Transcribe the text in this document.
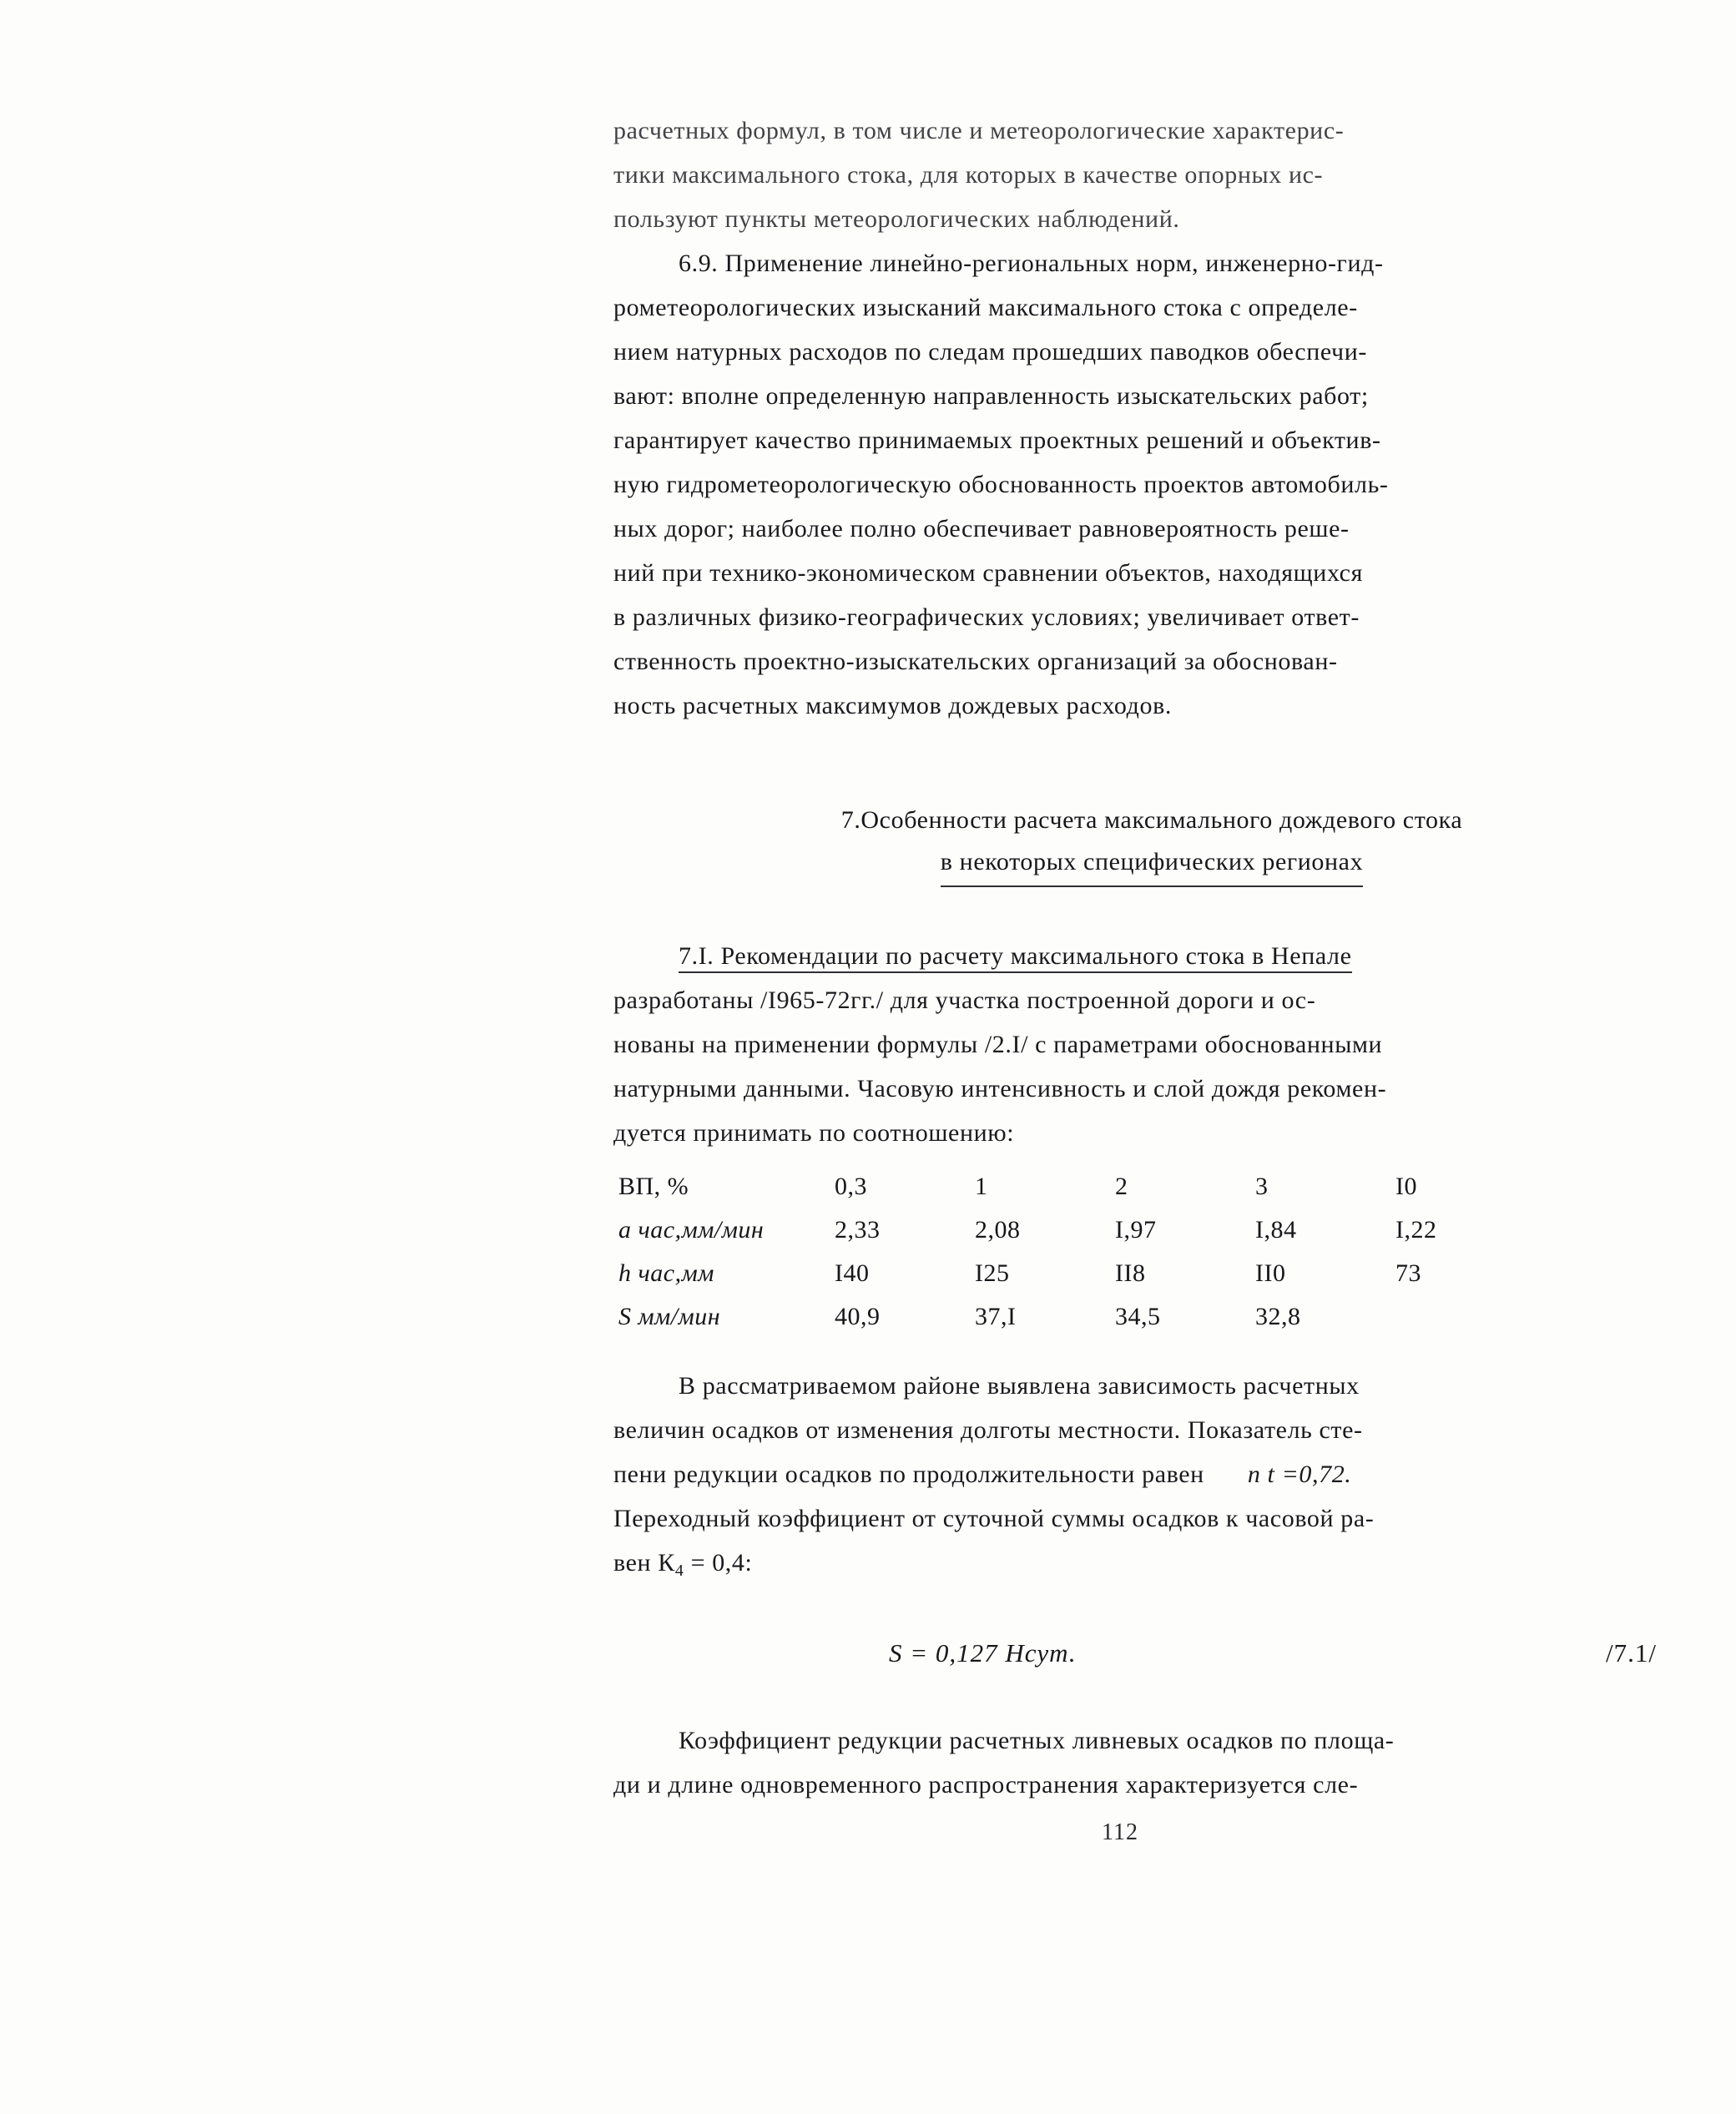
расчетных формул, в том числе и метеорологические характерис-
тики максимального стока, для которых в качестве опорных ис-
пользуют пункты метеорологических наблюдений.
6.9. Применение линейно-региональных норм, инженерно-гид-
рометеорологических изысканий максимального стока с определе-
нием натурных расходов по следам прошедших паводков обеспечи-
вают: вполне определенную направленность изыскательских работ;
гарантирует качество принимаемых проектных решений и объектив-
ную гидрометеорологическую обоснованность проектов автомобиль-
ных дорог; наиболее полно обеспечивает равновероятность реше-
ний при технико-экономическом сравнении объектов, находящихся
в различных физико-географических условиях; увеличивает ответ-
ственность проектно-изыскательских организаций за обоснован-
ность расчетных максимумов дождевых расходов.
7.Особенности расчета максимального дождевого стока
в некоторых специфических регионах
7.I. Рекомендации по расчету максимального стока в Непале
разработаны /I965-72гг./ для участка построенной дороги и ос-
нованы на применении формулы /2.I/ с параметрами обоснованными
натурными данными. Часовую интенсивность и слой дождя рекомен-
дуется принимать по соотношению:
ВП, %	0,3	1	2	3	I0
a час,мм/мин	2,33	2,08	I,97	I,84	I,22
h час,мм	I40	I25	II8	II0	73
S мм/мин	40,9	37,I	34,5	32,8	
В рассматриваемом районе выявлена зависимость расчетных
величин осадков от изменения долготы местности. Показатель сте-
пени редукции осадков по продолжительности равен n t =0,72.
Переходный коэффициент от суточной суммы осадков к часовой ра-
вен $К_4 = 0,4$:
S = 0,127 Нсут.	/7.1/
Коэффициент редукции расчетных ливневых осадков по площа-
ди и длине одновременного распространения характеризуется сле-
112
